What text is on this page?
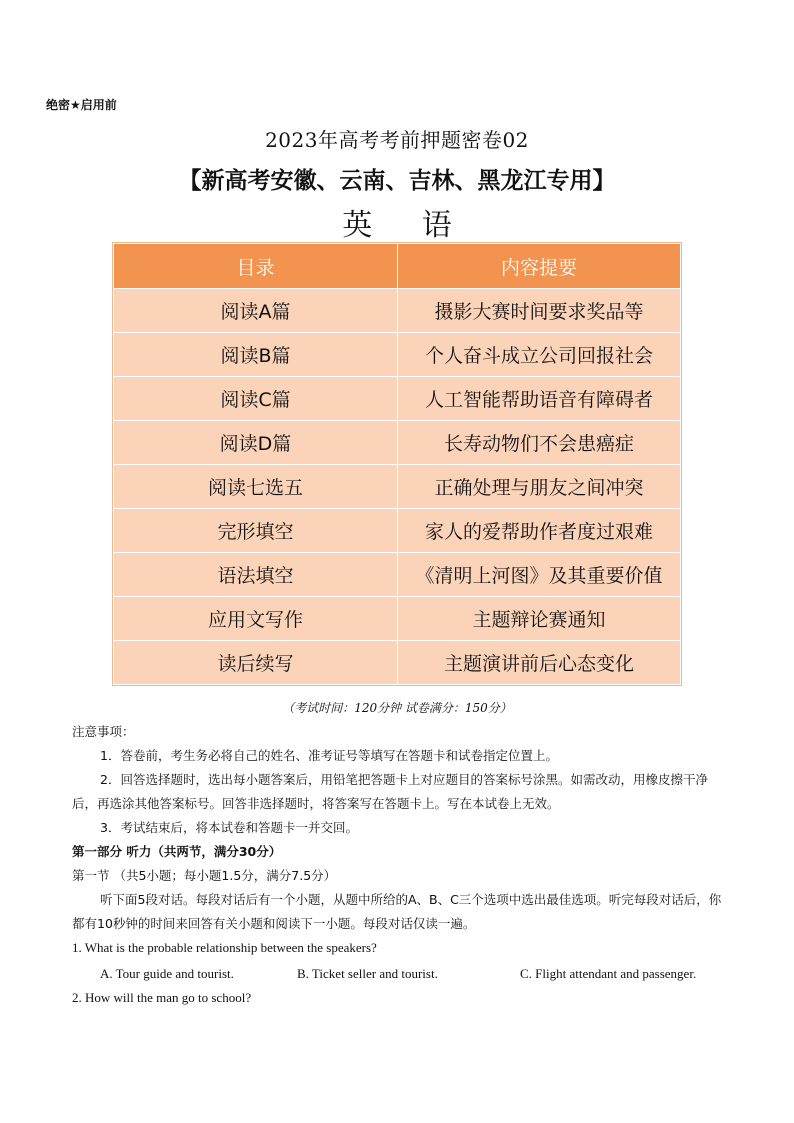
绝密★启用前
2023年高考考前押题密卷02
【新高考安徽、云南、吉林、黑龙江专用】
英 语
目录	内容提要
阅读A篇	摄影大赛时间要求奖品等
阅读B篇	个人奋斗成立公司回报社会
阅读C篇	人工智能帮助语音有障碍者
阅读D篇	长寿动物们不会患癌症
阅读七选五	正确处理与朋友之间冲突
完形填空	家人的爱帮助作者度过艰难
语法填空	《清明上河图》及其重要价值
应用文写作	主题辩论赛通知
读后续写	主题演讲前后心态变化
（考试时间：120分钟 试卷满分：150分）
注意事项：
1．答卷前，考生务必将自己的姓名、准考证号等填写在答题卡和试卷指定位置上。
2．回答选择题时，选出每小题答案后，用铅笔把答题卡上对应题目的答案标号涂黑。如需改动，用橡皮擦干净后，再选涂其他答案标号。回答非选择题时，将答案写在答题卡上。写在本试卷上无效。
3．考试结束后，将本试卷和答题卡一并交回。
第一部分 听力（共两节，满分30分）
第一节 （共5小题；每小题1.5分，满分7.5分）
听下面5段对话。每段对话后有一个小题，从题中所给的A、B、C三个选项中选出最佳选项。听完每段对话后，你都有10秒钟的时间来回答有关小题和阅读下一小题。每段对话仅读一遍。
1. What is the probable relationship between the speakers?
A. Tour guide and tourist.	B. Ticket seller and tourist.	C. Flight attendant and passenger.
2. How will the man go to school?
